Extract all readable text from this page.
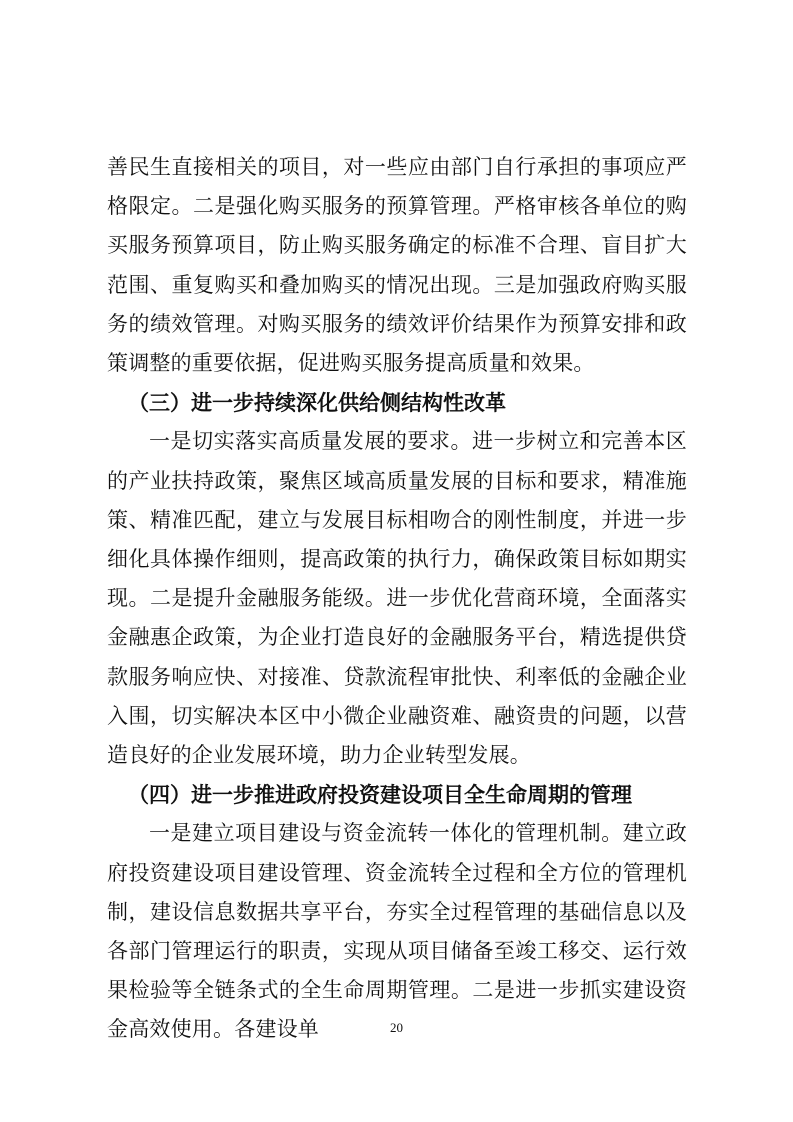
善民生直接相关的项目，对一些应由部门自行承担的事项应严格限定。二是强化购买服务的预算管理。严格审核各单位的购买服务预算项目，防止购买服务确定的标准不合理、盲目扩大范围、重复购买和叠加购买的情况出现。三是加强政府购买服务的绩效管理。对购买服务的绩效评价结果作为预算安排和政策调整的重要依据，促进购买服务提高质量和效果。

（三）进一步持续深化供给侧结构性改革

一是切实落实高质量发展的要求。进一步树立和完善本区的产业扶持政策，聚焦区域高质量发展的目标和要求，精准施策、精准匹配，建立与发展目标相吻合的刚性制度，并进一步细化具体操作细则，提高政策的执行力，确保政策目标如期实现。二是提升金融服务能级。进一步优化营商环境，全面落实金融惠企政策，为企业打造良好的金融服务平台，精选提供贷款服务响应快、对接准、贷款流程审批快、利率低的金融企业入围，切实解决本区中小微企业融资难、融资贵的问题，以营造良好的企业发展环境，助力企业转型发展。

（四）进一步推进政府投资建设项目全生命周期的管理

一是建立项目建设与资金流转一体化的管理机制。建立政府投资建设项目建设管理、资金流转全过程和全方位的管理机制，建设信息数据共享平台，夯实全过程管理的基础信息以及各部门管理运行的职责，实现从项目储备至竣工移交、运行效果检验等全链条式的全生命周期管理。二是进一步抓实建设资金高效使用。各建设单	20
